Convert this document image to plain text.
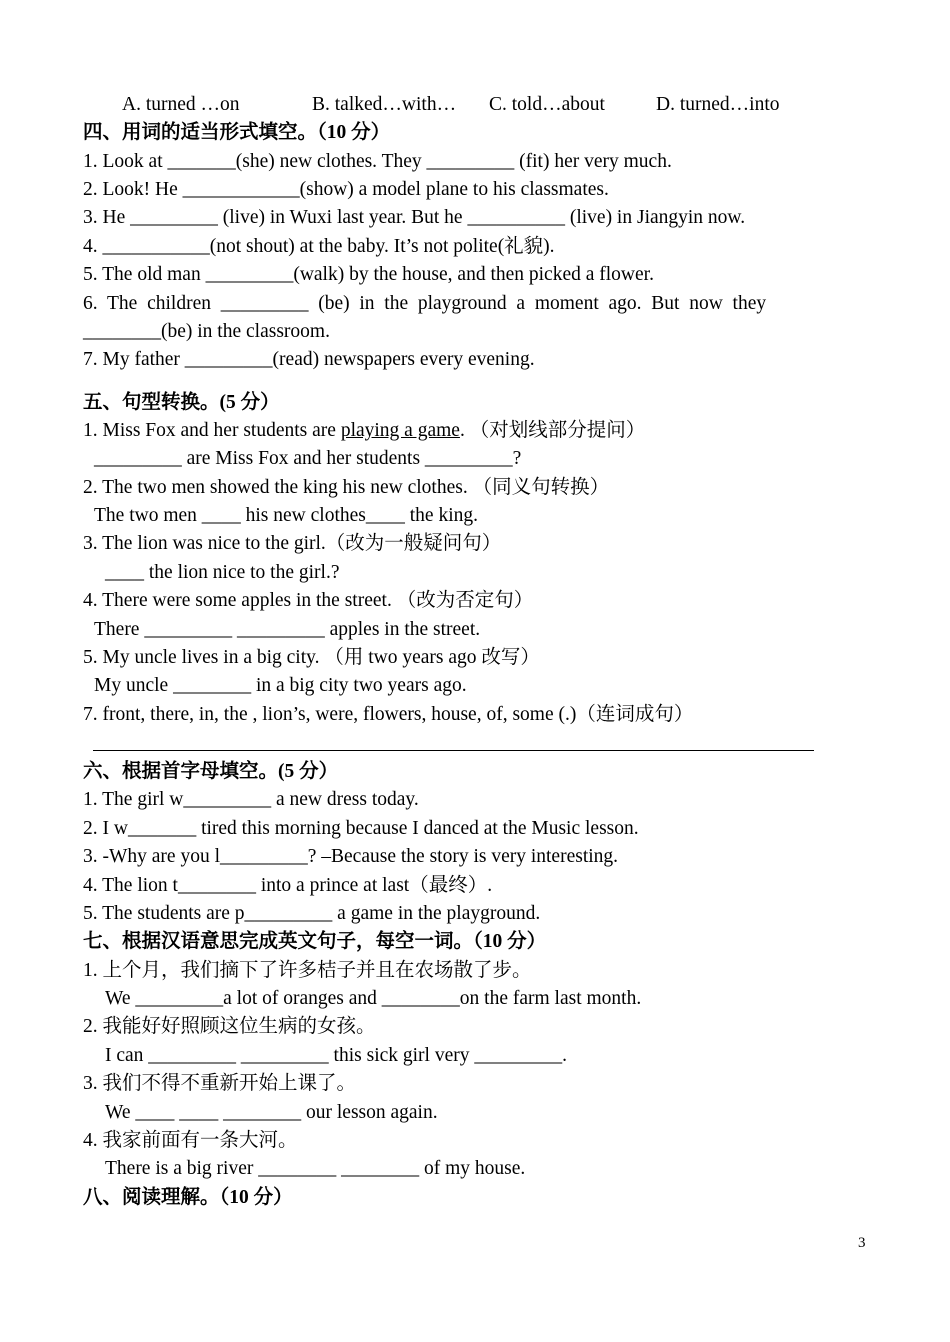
A. turned …on	B. talked…with… C. told…about	D. turned…into
四、用词的适当形式填空。（10 分）
1. Look at _______(she) new clothes. They _________ (fit) her very much.
2. Look! He ____________(show) a model plane to his classmates.
3. He _________ (live) in Wuxi last year. But he __________ (live) in Jiangyin now.
4. ___________(not shout) at the baby. It’s not polite(礼貌).
5. The old man _________(walk) by the house, and then picked a flower.
6.  The  children  _________  (be)  in  the  playground  a  moment  ago.  But  now  they
________(be) in the classroom.
7. My father _________(read) newspapers every evening.
五、句型转换。(5 分）
1. Miss Fox and her students are playing a game. （对划线部分提问）
_________ are Miss Fox and her students _________?
2. The two men showed the king his new clothes. （同义句转换）
The two men ____ his new clothes____ the king.
3. The lion was nice to the girl.（改为一般疑问句）
____ the lion nice to the girl.?
4. There were some apples in the street. （改为否定句）
There _________ _________ apples in the street.
5. My uncle lives in a big city. （用 two years ago 改写）
My uncle ________ in a big city two years ago.
7. front, there, in, the , lion’s, were, flowers, house, of, some (.)（连词成句）
六、根据首字母填空。(5 分）
1. The girl w_________ a new dress today.
2. I w_______ tired this morning because I danced at the Music lesson.
3. -Why are you l_________? –Because the story is very interesting.
4. The lion t________ into a prince at last（最终）.
5. The students are p_________ a game in the playground.
七、根据汉语意思完成英文句子，每空一词。（10 分）
1. 上个月，我们摘下了许多桔子并且在农场散了步。
We _________a lot of oranges and ________on the farm last month.
2. 我能好好照顾这位生病的女孩。
I can _________ _________ this sick girl very _________.
3. 我们不得不重新开始上课了。
We ____ ____ ________ our lesson again.
4. 我家前面有一条大河。
There is a big river ________ ________ of my house.
八、阅读理解。（10 分）
3
